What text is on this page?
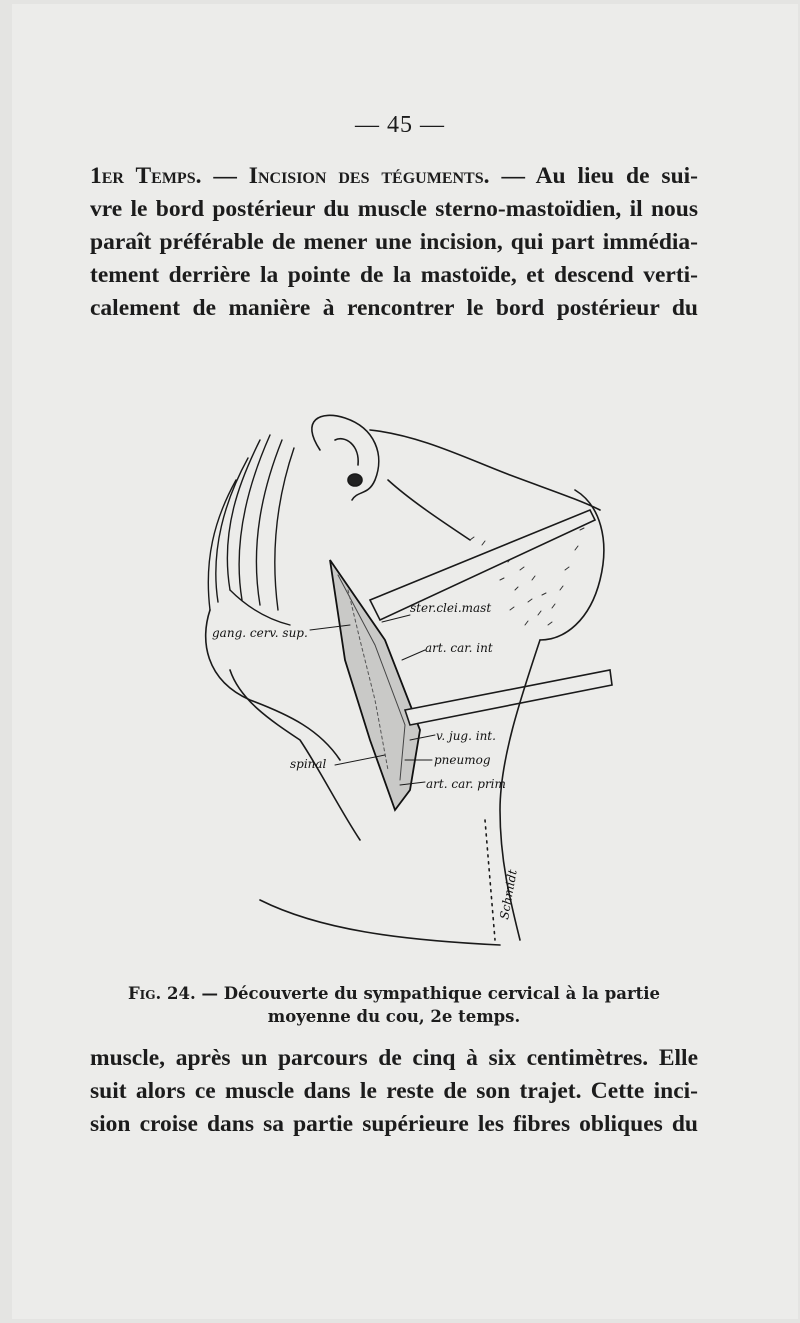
— 45 —

1er Temps. — Incision des téguments. — Au lieu de sui-
vre le bord postérieur du muscle sterno-mastoïdien, il nous
paraît préférable de mener une incision, qui part immédia-
tement derrière la pointe de la mastoïde, et descend verti-
calement de manière à rencontrer le bord postérieur du

ster.clei.mast
gang. cerv. sup.
art. car. int
v. jug. int.
spinal	pneumog
art. car. prim
Schmidt
Fig. 24. — Découverte du sympathique cervical à la partie moyenne du cou, 2e temps.

muscle, après un parcours de cinq à six centimètres. Elle
suit alors ce muscle dans le reste de son trajet. Cette inci-
sion croise dans sa partie supérieure les fibres obliques du
